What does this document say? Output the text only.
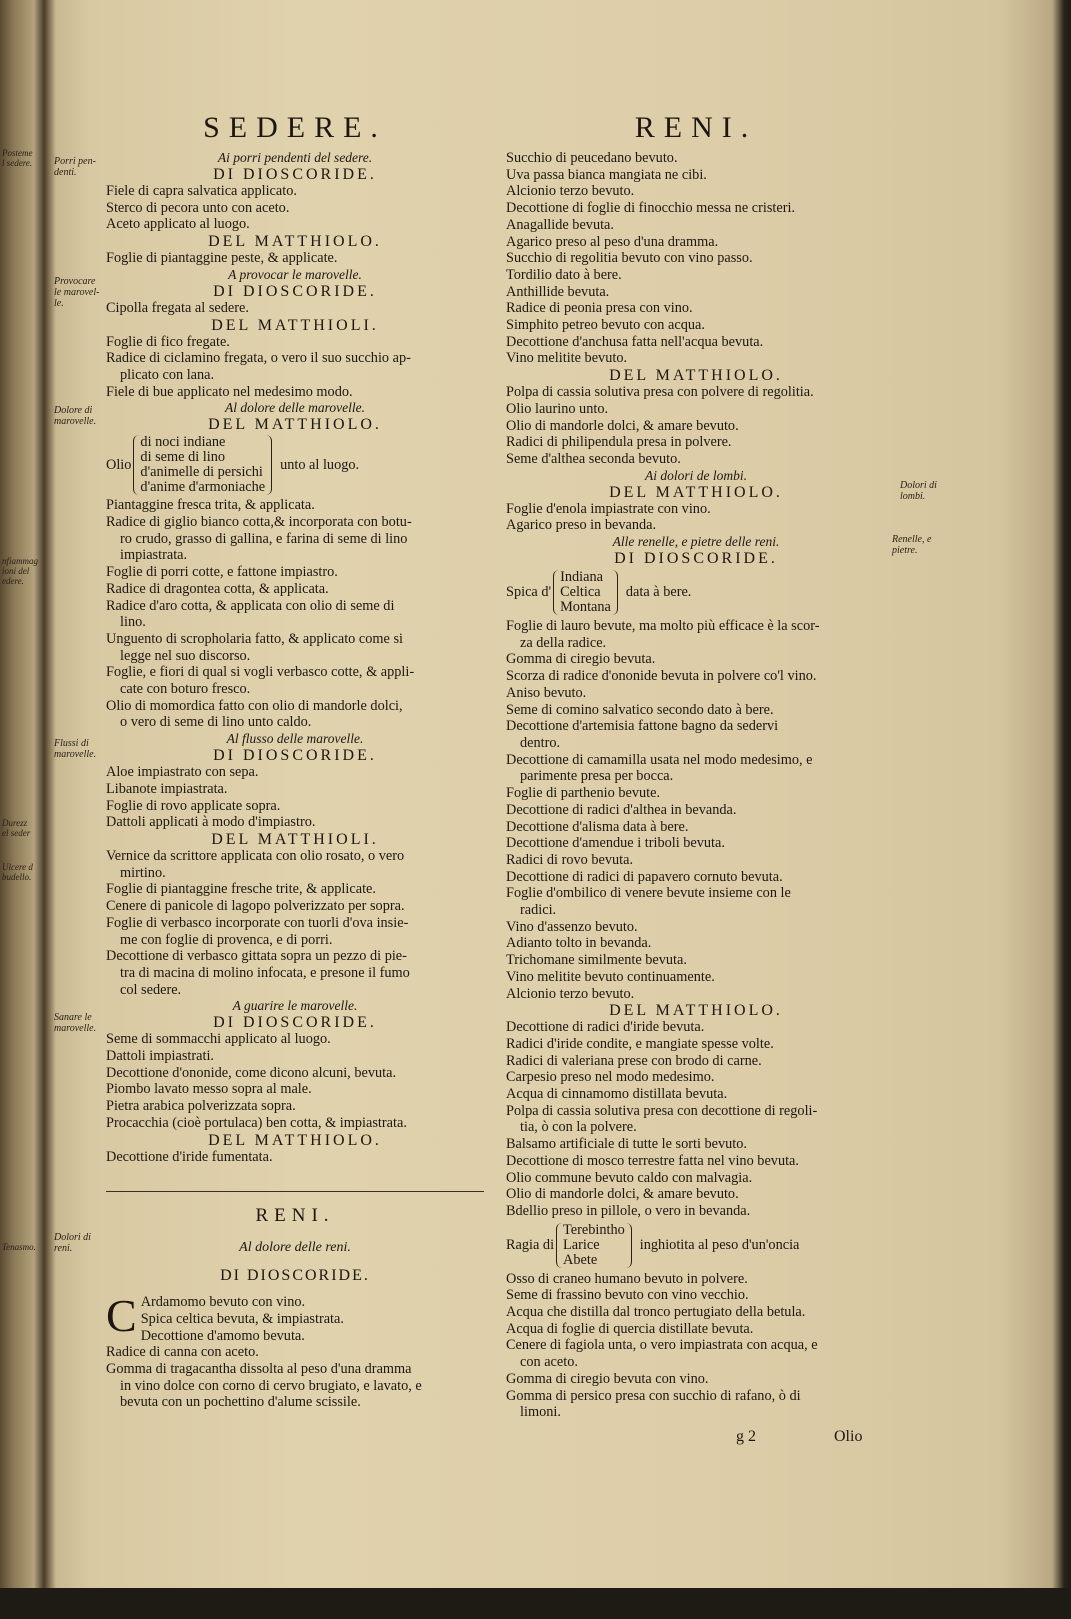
Posteme
l sedere.
nfiammag
ioni del
edere.
Durezz
el seder
Ulcere d
budello.
Tenasmo.
Porri pen-
denti.
Provocare
le marovel-
le.
Dolore di
marovelle.
Flussi di
marovelle.
Sanare le
marovelle.
Dolori di
reni.
Dolori di
lombi.
Renelle, e
pietre.
SEDERE.
Ai porri pendenti del sedere.
DI DIOSCORIDE.
Fiele di capra salvatica applicato.
Sterco di pecora unto con aceto.
Aceto applicato al luogo.
DEL MATTHIOLO.
Foglie di piantaggine peste, & applicate.
A provocar le marovelle.
DI DIOSCORIDE.
Cipolla fregata al sedere.
DEL MATTHIOLI.
Foglie di fico fregate.
Radice di ciclamino fregata, o vero il suo succhio ap-
plicato con lana.
Fiele di bue applicato nel medesimo modo.
Al dolore delle marovelle.
DEL MATTHIOLO.
Olio
di noci indiane
di seme di lino
d'animelle di persichi
d'anime d'armoniache
unto al luogo.
Piantaggine fresca trita, & applicata.
Radice di giglio bianco cotta,& incorporata con botu-
ro crudo, grasso di gallina, e farina di seme di lino
impiastrata.
Foglie di porri cotte, e fattone impiastro.
Radice di dragontea cotta, & applicata.
Radice d'aro cotta, & applicata con olio di seme di
lino.
Unguento di scropholaria fatto, & applicato come si
legge nel suo discorso.
Foglie, e fiori di qual si vogli verbasco cotte, & appli-
cate con boturo fresco.
Olio di momordica fatto con olio di mandorle dolci,
o vero di seme di lino unto caldo.
Al flusso delle marovelle.
DI DIOSCORIDE.
Aloe impiastrato con sepa.
Libanote impiastrata.
Foglie di rovo applicate sopra.
Dattoli applicati à modo d'impiastro.
DEL MATTHIOLI.
Vernice da scrittore applicata con olio rosato, o vero
mirtino.
Foglie di piantaggine fresche trite, & applicate.
Cenere di panicole di lagopo polverizzato per sopra.
Foglie di verbasco incorporate con tuorli d'ova insie-
me con foglie di provenca, e di porri.
Decottione di verbasco gittata sopra un pezzo di pie-
tra di macina di molino infocata, e presone il fumo
col sedere.
A guarire le marovelle.
DI DIOSCORIDE.
Seme di sommacchi applicato al luogo.
Dattoli impiastrati.
Decottione d'ononide, come dicono alcuni, bevuta.
Piombo lavato messo sopra al male.
Pietra arabica polverizzata sopra.
Procacchia (cioè portulaca) ben cotta, & impiastrata.
DEL MATTHIOLO.
Decottione d'iride fumentata.
RENI.
Al dolore delle reni.
DI DIOSCORIDE.
C Ardamomo bevuto con vino.
Spica celtica bevuta, & impiastrata.
Decottione d'amomo bevuta.
Radice di canna con aceto.
Gomma di tragacantha dissolta al peso d'una dramma
in vino dolce con corno di cervo brugiato, e lavato, e
bevuta con un pochettino d'alume scissile.
RENI.
Succhio di peucedano bevuto.
Uva passa bianca mangiata ne cibi.
Alcionio terzo bevuto.
Decottione di foglie di finocchio messa ne cristeri.
Anagallide bevuta.
Agarico preso al peso d'una dramma.
Succhio di regolitia bevuto con vino passo.
Tordilio dato à bere.
Anthillide bevuta.
Radice di peonia presa con vino.
Simphito petreo bevuto con acqua.
Decottione d'anchusa fatta nell'acqua bevuta.
Vino melitite bevuto.
DEL MATTHIOLO.
Polpa di cassia solutiva presa con polvere di regolitia.
Olio laurino unto.
Olio di mandorle dolci, & amare bevuto.
Radici di philipendula presa in polvere.
Seme d'althea seconda bevuto.
Ai dolori de lombi.
DEL MATTHIOLO.
Foglie d'enola impiastrate con vino.
Agarico preso in bevanda.
Alle renelle, e pietre delle reni.
DI DIOSCORIDE.
Spica d'
Indiana
Celtica
Montana
data à bere.
Foglie di lauro bevute, ma molto più efficace è la scor-
za della radice.
Gomma di ciregio bevuta.
Scorza di radice d'ononide bevuta in polvere co'l vino.
Aniso bevuto.
Seme di comino salvatico secondo dato à bere.
Decottione d'artemisia fattone bagno da sedervi
dentro.
Decottione di camamilla usata nel modo medesimo, e
parimente presa per bocca.
Foglie di parthenio bevute.
Decottione di radici d'althea in bevanda.
Decottione d'alisma data à bere.
Decottione d'amendue i triboli bevuta.
Radici di rovo bevuta.
Decottione di radici di papavero cornuto bevuta.
Foglie d'ombilico di venere bevute insieme con le
radici.
Vino d'assenzo bevuto.
Adianto tolto in bevanda.
Trichomane similmente bevuta.
Vino melitite bevuto continuamente.
Alcionio terzo bevuto.
DEL MATTHIOLO.
Decottione di radici d'iride bevuta.
Radici d'iride condite, e mangiate spesse volte.
Radici di valeriana prese con brodo di carne.
Carpesio preso nel modo medesimo.
Acqua di cinnamomo distillata bevuta.
Polpa di cassia solutiva presa con decottione di regoli-
tia, ò con la polvere.
Balsamo artificiale di tutte le sorti bevuto.
Decottione di mosco terrestre fatta nel vino bevuta.
Olio commune bevuto caldo con malvagia.
Olio di mandorle dolci, & amare bevuto.
Bdellio preso in pillole, o vero in bevanda.
Ragia di
Terebintho
Larice
Abete
inghiotita al peso d'un'oncia
Osso di craneo humano bevuto in polvere.
Seme di frassino bevuto con vino vecchio.
Acqua che distilla dal tronco pertugiato della betula.
Acqua di foglie di quercia distillate bevuta.
Cenere di fagiola unta, o vero impiastrata con acqua, e
con aceto.
Gomma di ciregio bevuta con vino.
Gomma di persico presa con succhio di rafano, ò di
limoni.
g 2	Olio
